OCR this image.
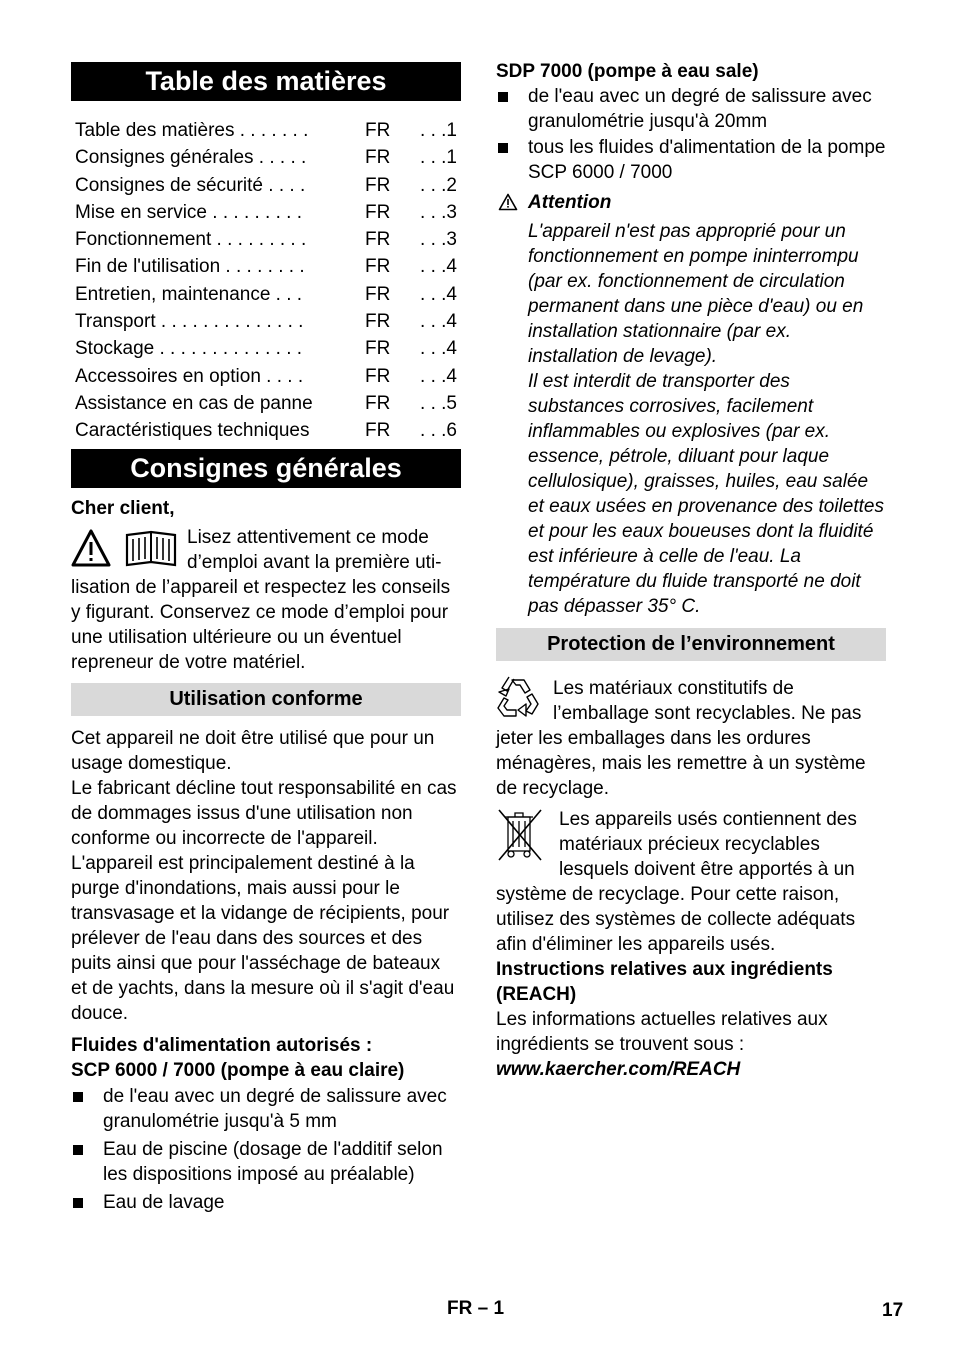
Table des matières
Table des matières . . . . . . .	FR	. . .1
Consignes générales . . . . .	FR	. . .1
Consignes de sécurité . . . .	FR	. . .2
Mise en service . . . . . . . . .	FR	. . .3
Fonctionnement . . . . . . . . .	FR	. . .3
Fin de l'utilisation . . . . . . . .	FR	. . .4
Entretien, maintenance . . .	FR	. . .4
Transport . . . . . . . . . . . . . .	FR	. . .4
Stockage . . . . . . . . . . . . . .	FR	. . .4
Accessoires en option . . . .	FR	. . .4
Assistance en cas de panne	FR	. . .5
Caractéristiques techniques	FR	. . .6
Consignes générales

Cher client,

Lisez attentivement ce mode d’emploi avant la première uti-

lisation de l’appareil et respectez les conseils y figurant. Conservez ce mode d’emploi pour une utilisation ultérieure ou un éventuel repreneur de votre matériel.

Utilisation conforme

Cet appareil ne doit être utilisé que pour un usage domestique.

Le fabricant décline tout responsabilité en cas de dommages issus d'une utilisation non conforme ou incorrecte de l'appareil.

L'appareil est principalement destiné à la purge d'inondations, mais aussi pour le transvasage et la vidange de récipients, pour prélever de l'eau dans des sources et des puits ainsi que pour l'asséchage de bateaux et de yachts, dans la mesure où il s'agit d'eau douce.

Fluides d'alimentation autorisés :

SCP 6000 / 7000 (pompe à eau claire)

de l'eau avec un degré de salissure avec granulométrie jusqu'à 5 mm
Eau de piscine (dosage de l'additif selon les dispositions imposé au préalable)
Eau de lavage

SDP 7000 (pompe à eau sale)

de l'eau avec un degré de salissure avec granulométrie jusqu'à 20mm
tous les fluides d'alimentation de la pompe SCP 6000 / 7000

Attention

L'appareil n'est pas approprié pour un fonctionnement en pompe ininterrompu (par ex. fonctionnement de circulation permanent dans une pièce d'eau) ou en installation stationnaire (par ex. installation de levage).

Il est interdit de transporter des substances corrosives, facilement inflammables ou explosives (par ex. essence, pétrole, diluant pour laque cellulosique), graisses, huiles, eau salée et eaux usées en provenance des toilettes et pour les eaux boueuses dont la fluidité est inférieure à celle de l'eau. La température du fluide transporté ne doit pas dépasser 35° C.

Protection de l’environnement

Les matériaux constitutifs de l’emballage sont recyclables. Ne pas jeter les emballages dans les ordures ménagères, mais les remettre à un système de recyclage.

Les appareils usés contiennent des matériaux précieux recyclables lesquels doivent être apportés à un système de recyclage. Pour cette raison, utilisez des systèmes de collecte adéquats afin d'éliminer les appareils usés.

Instructions relatives aux ingrédients (REACH)

Les informations actuelles relatives aux ingrédients se trouvent sous :

www.kaercher.com/REACH

FR – 1	17
